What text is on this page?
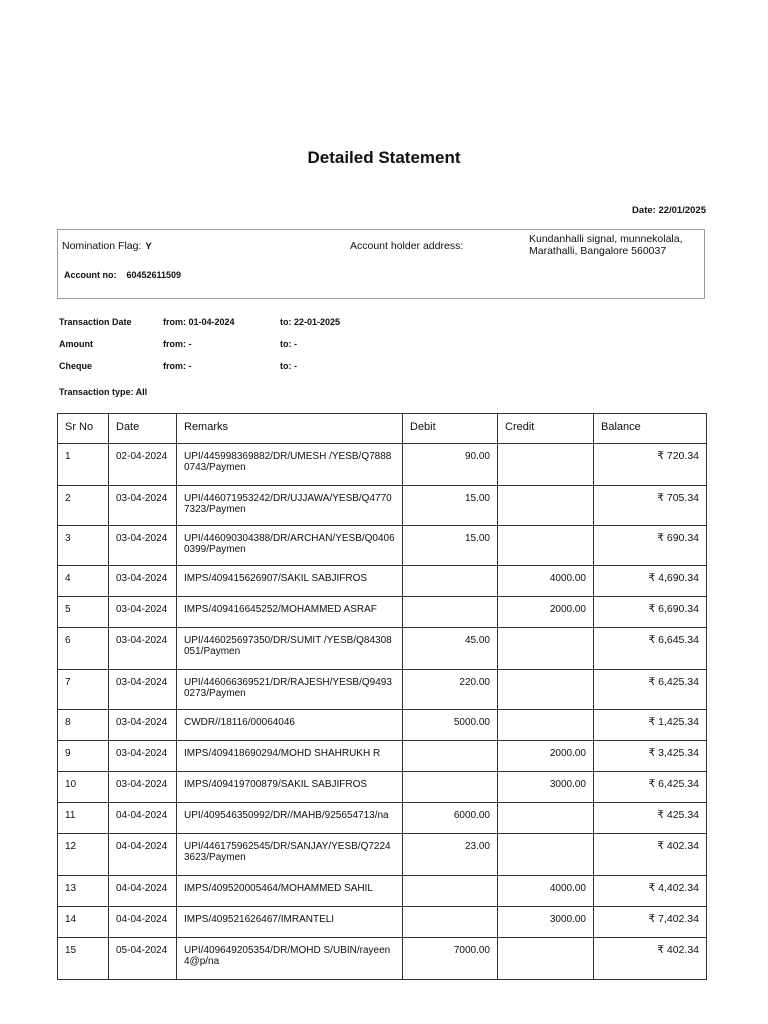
Detailed Statement
Date: 22/01/2025
Nomination Flag: Y
Account no: 60452611509
Account holder address:
Kundanhalli signal, munnekolala, Marathalli, Bangalore 560037
Transaction Date	from: 01-04-2024	to: 22-01-2025
Amount	from: -	to: -
Cheque	from: -	to: -
Transaction type: All
Sr No	Date	Remarks	Debit	Credit	Balance
1	02-04-2024	UPI/445998369882/DR/UMESH /YESB/Q78880743/Paymen	90.00		₹ 720.34
2	03-04-2024	UPI/446071953242/DR/UJJAWA/YESB/Q47707323/Paymen	15.00		₹ 705.34
3	03-04-2024	UPI/446090304388/DR/ARCHAN/YESB/Q04060399/Paymen	15.00		₹ 690.34
4	03-04-2024	IMPS/409415626907/SAKIL SABJIFROS		4000.00	₹ 4,690.34
5	03-04-2024	IMPS/409416645252/MOHAMMED ASRAF		2000.00	₹ 6,690.34
6	03-04-2024	UPI/446025697350/DR/SUMIT /YESB/Q84308051/Paymen	45.00		₹ 6,645.34
7	03-04-2024	UPI/446066369521/DR/RAJESH/YESB/Q94930273/Paymen	220.00		₹ 6,425.34
8	03-04-2024	CWDR//18116/00064046	5000.00		₹ 1,425.34
9	03-04-2024	IMPS/409418690294/MOHD SHAHRUKH R		2000.00	₹ 3,425.34
10	03-04-2024	IMPS/409419700879/SAKIL SABJIFROS		3000.00	₹ 6,425.34
11	04-04-2024	UPI/409546350992/DR//MAHB/925654713/na	6000.00		₹ 425.34
12	04-04-2024	UPI/446175962545/DR/SANJAY/YESB/Q72243623/Paymen	23.00		₹ 402.34
13	04-04-2024	IMPS/409520005464/MOHAMMED SAHIL		4000.00	₹ 4,402.34
14	04-04-2024	IMPS/409521626467/IMRANTELI		3000.00	₹ 7,402.34
15	05-04-2024	UPI/409649205354/DR/MOHD S/UBIN/rayeen4@p/na	7000.00		₹ 402.34
